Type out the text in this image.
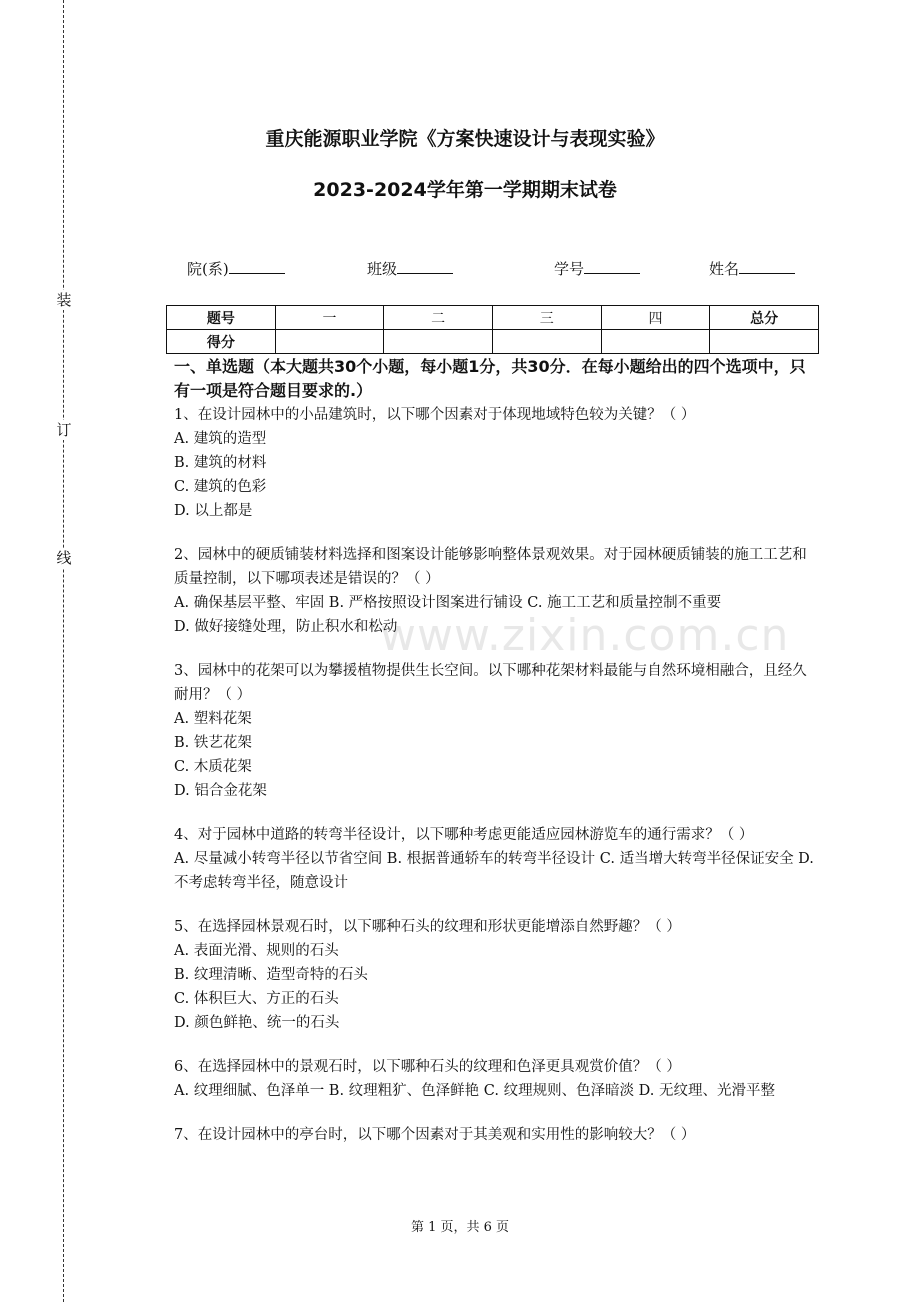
装
订
线
www.zixin.com.cn
重庆能源职业学院《方案快速设计与表现实验》
2023-2024学年第一学期期末试卷
院(系)	班级	学号	姓名
题号	一	二	三	四	总分
得分					
一、单选题（本大题共30个小题，每小题1分，共30分．在每小题给出的四个选项中，只有一项是符合题目要求的.）
1、在设计园林中的小品建筑时，以下哪个因素对于体现地域特色较为关键？（ ）
A. 建筑的造型
B. 建筑的材料
C. 建筑的色彩
D. 以上都是
2、园林中的硬质铺装材料选择和图案设计能够影响整体景观效果。对于园林硬质铺装的施工工艺和质量控制，以下哪项表述是错误的？（ ）
A. 确保基层平整、牢固 B. 严格按照设计图案进行铺设 C. 施工工艺和质量控制不重要
D. 做好接缝处理，防止积水和松动
3、园林中的花架可以为攀援植物提供生长空间。以下哪种花架材料最能与自然环境相融合，且经久耐用？（ ）
A. 塑料花架
B. 铁艺花架
C. 木质花架
D. 铝合金花架
4、对于园林中道路的转弯半径设计，以下哪种考虑更能适应园林游览车的通行需求？（ ）
A. 尽量减小转弯半径以节省空间 B. 根据普通轿车的转弯半径设计 C. 适当增大转弯半径保证安全 D. 不考虑转弯半径，随意设计
5、在选择园林景观石时，以下哪种石头的纹理和形状更能增添自然野趣？（ ）
A. 表面光滑、规则的石头
B. 纹理清晰、造型奇特的石头
C. 体积巨大、方正的石头
D. 颜色鲜艳、统一的石头
6、在选择园林中的景观石时，以下哪种石头的纹理和色泽更具观赏价值？（ ）
A. 纹理细腻、色泽单一 B. 纹理粗犷、色泽鲜艳 C. 纹理规则、色泽暗淡 D. 无纹理、光滑平整
7、在设计园林中的亭台时，以下哪个因素对于其美观和实用性的影响较大？（ ）
第 1 页，共 6 页
